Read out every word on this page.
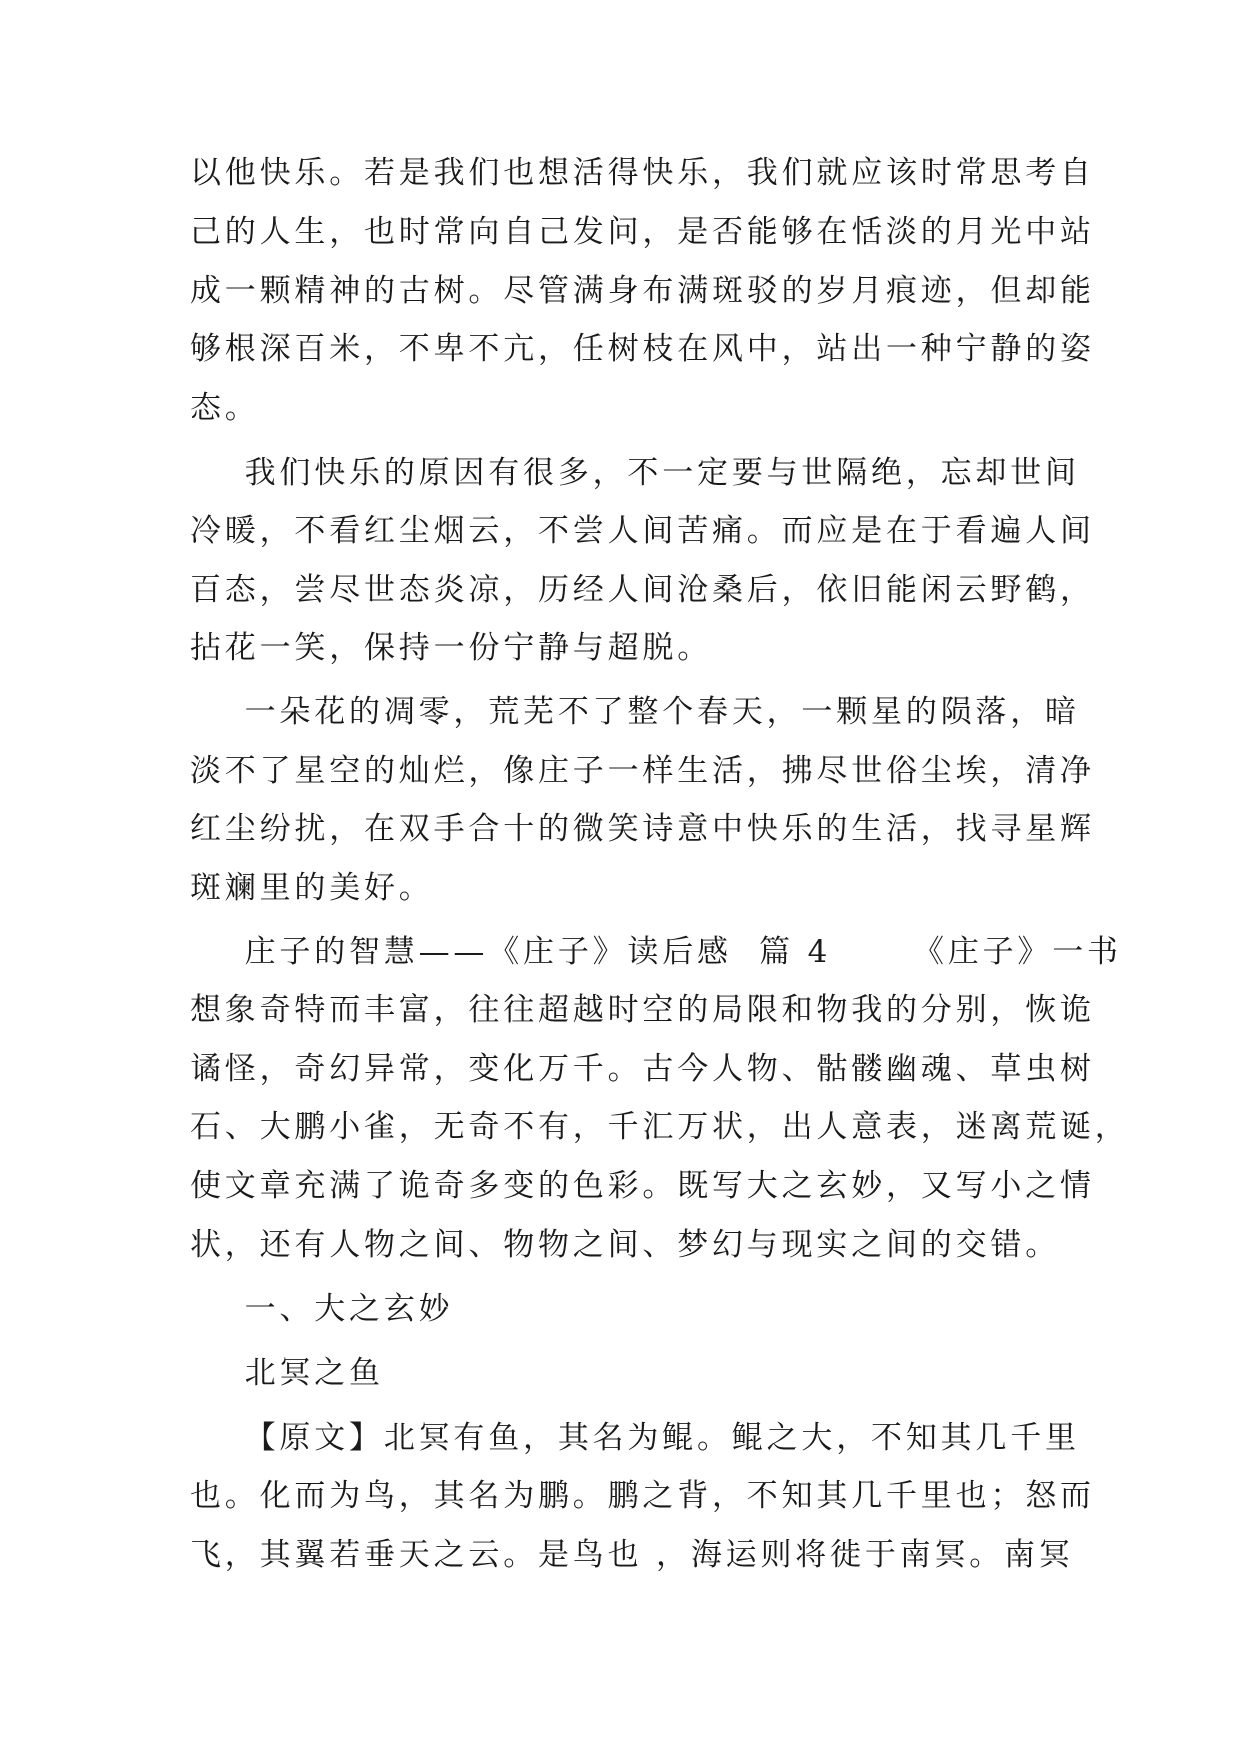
以他快乐。若是我们也想活得快乐，我们就应该时常思考自
己的人生，也时常向自己发问，是否能够在恬淡的月光中站
成一颗精神的古树。尽管满身布满斑驳的岁月痕迹，但却能
够根深百米，不卑不亢，任树枝在风中，站出一种宁静的姿
态。
我们快乐的原因有很多，不一定要与世隔绝，忘却世间
冷暖，不看红尘烟云，不尝人间苦痛。而应是在于看遍人间
百态，尝尽世态炎凉，历经人间沧桑后，依旧能闲云野鹤，
拈花一笑，保持一份宁静与超脱。
一朵花的凋零，荒芜不了整个春天，一颗星的陨落，暗
淡不了星空的灿烂，像庄子一样生活，拂尽世俗尘埃，清净
红尘纷扰，在双手合十的微笑诗意中快乐的生活，找寻星辉
斑斓里的美好。
庄子的智慧——《庄子》读后感  篇 4      《庄子》一书
想象奇特而丰富，往往超越时空的局限和物我的分别，恢诡
谲怪，奇幻异常，变化万千。古今人物、骷髅幽魂、草虫树
石、大鹏小雀，无奇不有，千汇万状，出人意表，迷离荒诞，
使文章充满了诡奇多变的色彩。既写大之玄妙，又写小之情
状，还有人物之间、物物之间、梦幻与现实之间的交错。
一、大之玄妙
北冥之鱼
【原文】北冥有鱼，其名为鲲。鲲之大，不知其几千里
也。化而为鸟，其名为鹏。鹏之背，不知其几千里也；怒而
飞，其翼若垂天之云。是鸟也 ，海运则将徙于南冥。南冥
